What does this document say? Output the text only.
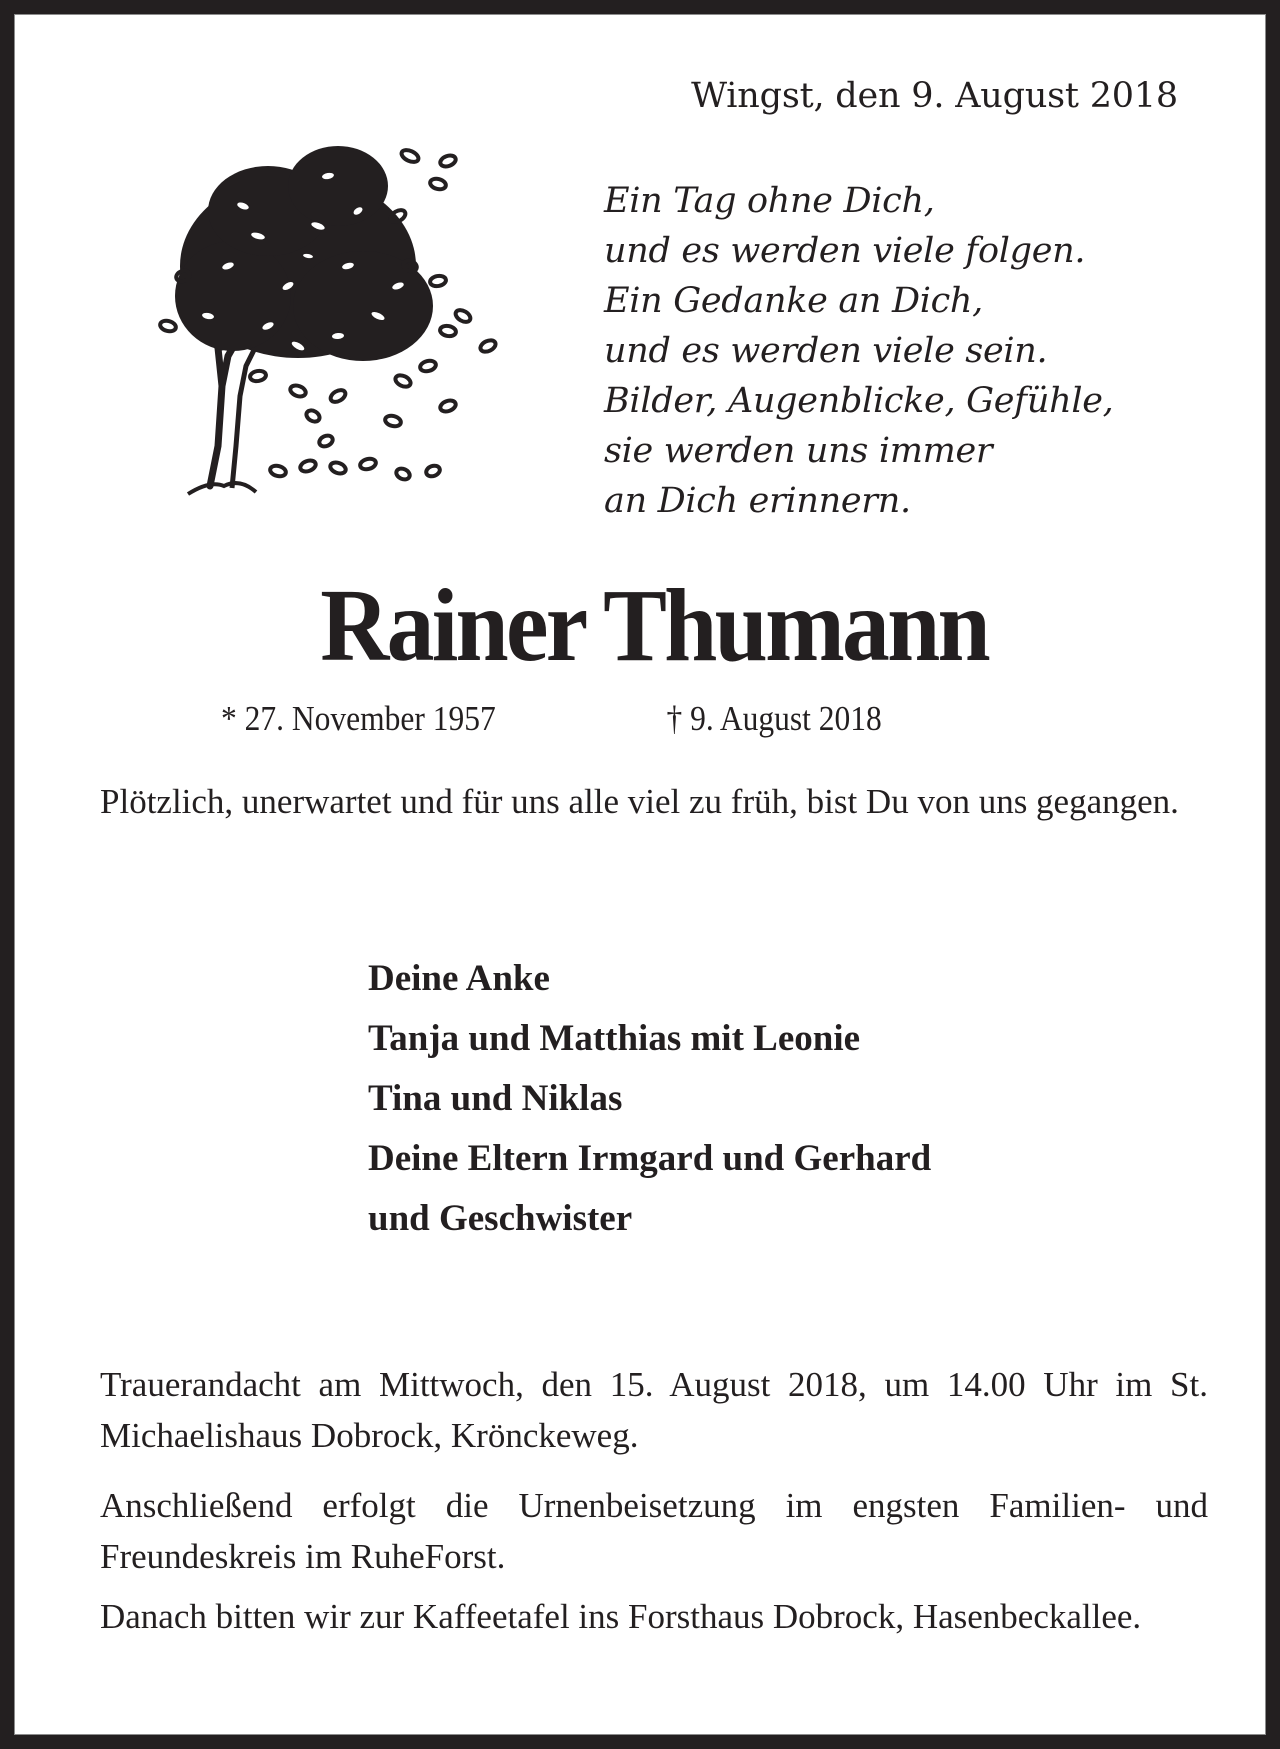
Wingst, den 9. August 2018
Ein Tag ohne Dich,
und es werden viele folgen.
Ein Gedanke an Dich,
und es werden viele sein.
Bilder, Augenblicke, Gefühle,
sie werden uns immer
an Dich erinnern.
Rainer Thumann
* 27. November 1957	† 9. August 2018

Plötzlich, unerwartet und für uns alle viel zu früh, bist Du von uns gegangen.

Deine Anke
Tanja und Matthias mit Leonie
Tina und Niklas
Deine Eltern Irmgard und Gerhard
und Geschwister

Trauerandacht am Mittwoch, den 15. August 2018, um 14.00 Uhr im St. Michaelishaus Dobrock, Krönckeweg.

Anschließend erfolgt die Urnenbeisetzung im engsten Familien- und Freundeskreis im RuheForst.

Danach bitten wir zur Kaffeetafel ins Forsthaus Dobrock, Hasenbeckallee.
